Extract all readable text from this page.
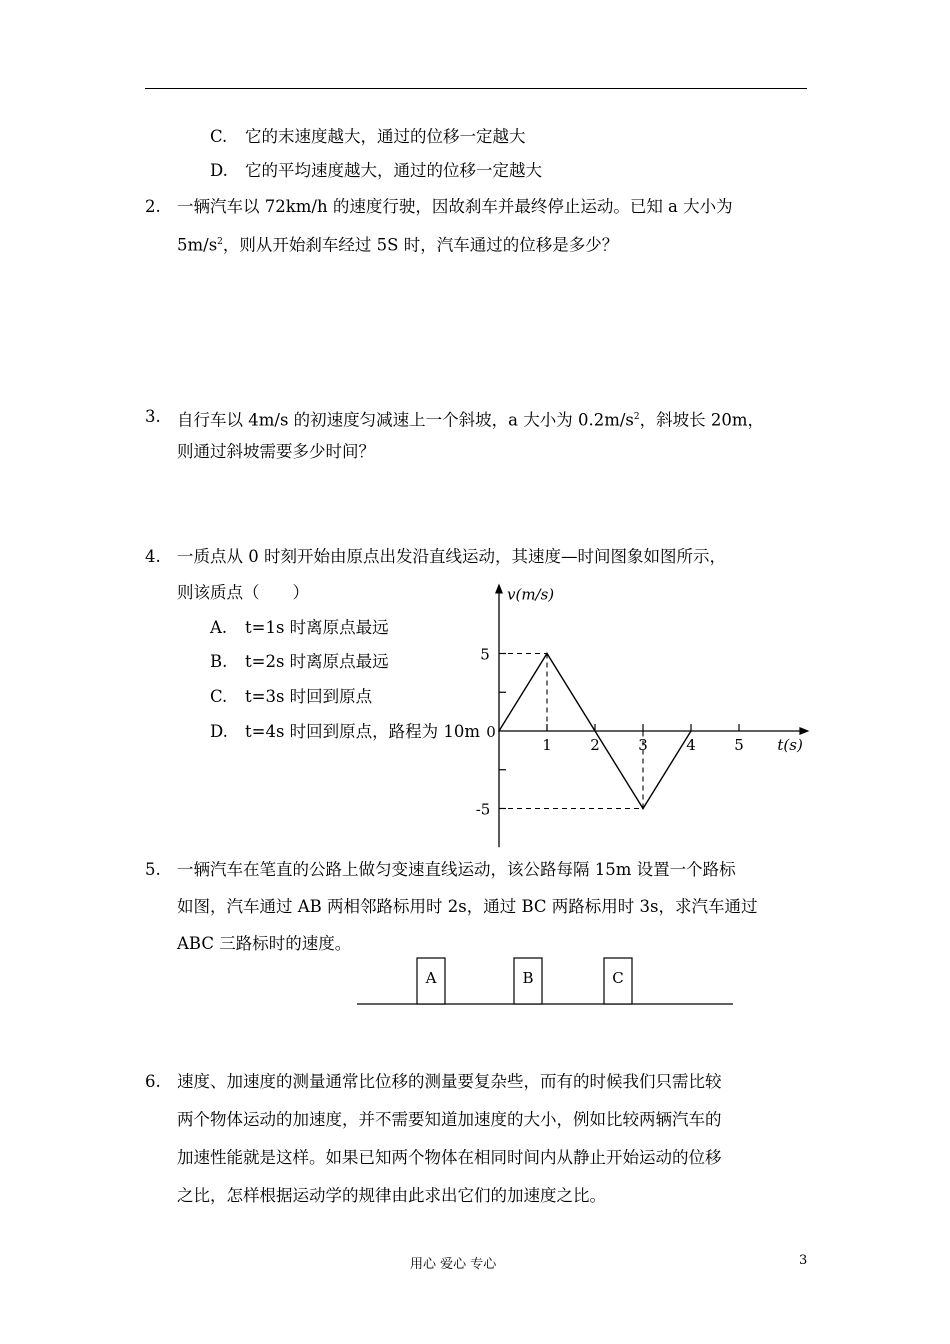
C. 它的末速度越大，通过的位移一定越大
D. 它的平均速度越大，通过的位移一定越大
2. 一辆汽车以 72km/h 的速度行驶，因故刹车并最终停止运动。已知 a 大小为
$5m/s^2$，则从开始刹车经过 5S 时，汽车通过的位移是多少？
3. 自行车以 4m/s 的初速度匀减速上一个斜坡，a 大小为 $0.2m/s^2$，斜坡长 20m，
则通过斜坡需要多少时间？
4. 一质点从 0 时刻开始由原点出发沿直线运动，其速度—时间图象如图所示，
则该质点（　　）
A. t=1s 时离原点最远
B. t=2s 时离原点最远
C. t=3s 时回到原点
D. t=4s 时回到原点，路程为 10m
1	2	3	4	5
5
-5
0
v(m/s)
t(s)
5. 一辆汽车在笔直的公路上做匀变速直线运动，该公路每隔 15m 设置一个路标
如图，汽车通过 AB 两相邻路标用时 2s，通过 BC 两路标用时 3s，求汽车通过
ABC 三路标时的速度。
A	B	C
6. 速度、加速度的测量通常比位移的测量要复杂些，而有的时候我们只需比较
两个物体运动的加速度，并不需要知道加速度的大小，例如比较两辆汽车的
加速性能就是这样。如果已知两个物体在相同时间内从静止开始运动的位移
之比，怎样根据运动学的规律由此求出它们的加速度之比。
用心 爱心 专心	3
